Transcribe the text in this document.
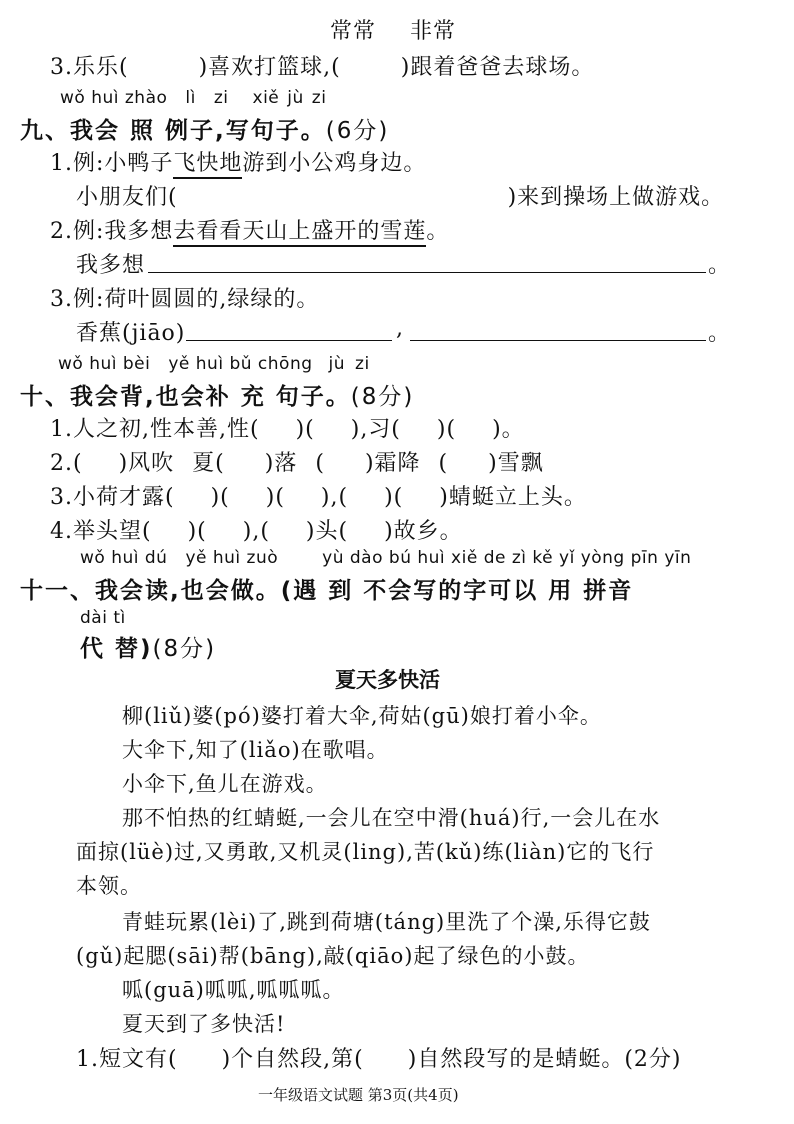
常常 非常
3.乐乐(	)喜欢打篮球,(	)跟着爸爸去球场。
wǒ huì zhào lì zi xiě jù zi
九、我会 照 例子,写句子。(6分)
1.例:小鸭子飞快地游到小公鸡身边。
小朋友们(	)来到操场上做游戏。
2.例:我多想去看看天山上盛开的雪莲。
我多想	。
3.例:荷叶圆圆的,绿绿的。
香蕉(jiāo)	,	。
wǒ huì bèi yě huì bǔ chōng jù zi
十、我会背,也会补 充 句子。(8分)
1.人之初,性本善,性( )( ),习( )( )。
2.( )风吹 夏( )落 ( )霜降 ( )雪飘
3.小荷才露( )( )( ),( )( )蜻蜓立上头。
4.举头望( )( ),( )头( )故乡。
wǒ huì dú yě huì zuò	yù dào bú huì xiě de zì kě yǐ yòng pīn yīn
十一、我会读,也会做。(遇 到 不会写的字可以 用 拼音
dài tì
代 替)(8分)
夏天多快活
柳(liǔ)婆(pó)婆打着大伞,荷姑(gū)娘打着小伞。
大伞下,知了(liǎo)在歌唱。
小伞下,鱼儿在游戏。
那不怕热的红蜻蜓,一会儿在空中滑(huá)行,一会儿在水
面掠(lüè)过,又勇敢,又机灵(ling),苦(kǔ)练(liàn)它的飞行
本领。
青蛙玩累(lèi)了,跳到荷塘(táng)里洗了个澡,乐得它鼓
(gǔ)起腮(sāi)帮(bāng),敲(qiāo)起了绿色的小鼓。
呱(guā)呱呱,呱呱呱。
夏天到了多快活!
1.短文有( )个自然段,第( )自然段写的是蜻蜓。(2分)
一年级语文试题 第3页(共4页)
